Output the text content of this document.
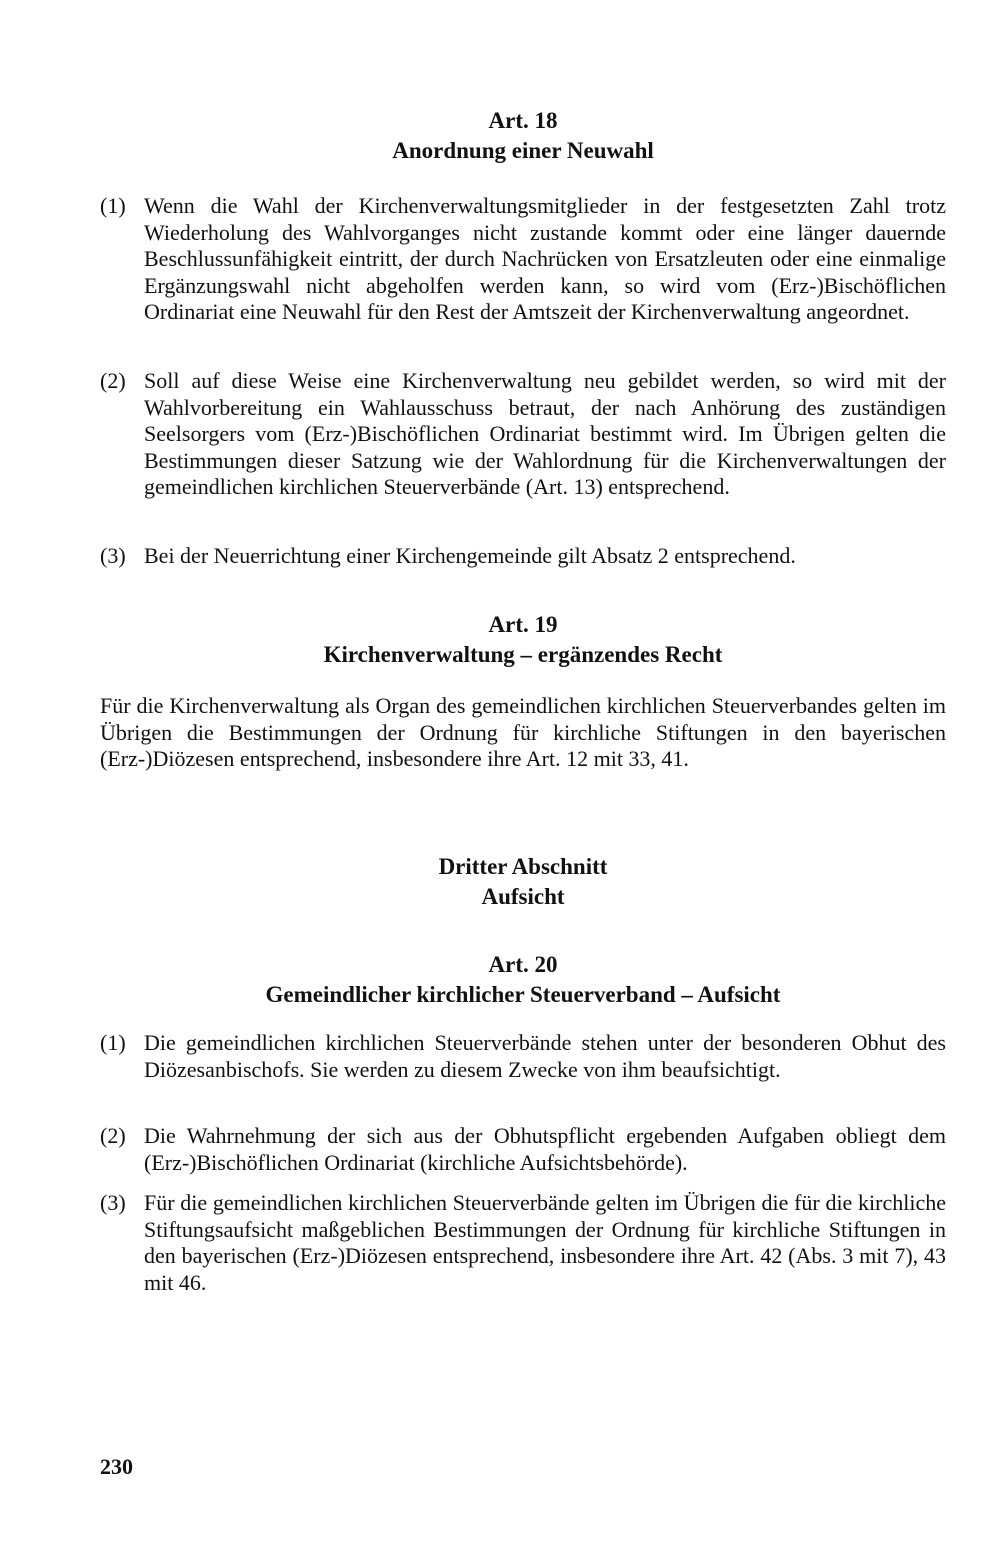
Art. 18

Anordnung einer Neuwahl

(1) Wenn die Wahl der Kirchenverwaltungsmitglieder in der festgesetzten Zahl trotz Wiederholung des Wahlvorganges nicht zustande kommt oder eine länger dauernde Beschlussunfähigkeit eintritt, der durch Nachrücken von Ersatzleuten oder eine einmalige Ergänzungswahl nicht abgeholfen werden kann, so wird vom (Erz-)Bischöflichen Ordinariat eine Neuwahl für den Rest der Amtszeit der Kirchenverwaltung angeordnet.

(2) Soll auf diese Weise eine Kirchenverwaltung neu gebildet werden, so wird mit der Wahlvorbereitung ein Wahlausschuss betraut, der nach Anhörung des zuständigen Seelsorgers vom (Erz-)Bischöflichen Ordinariat bestimmt wird. Im Übrigen gelten die Bestimmungen dieser Satzung wie der Wahlordnung für die Kirchenverwaltungen der gemeindlichen kirchlichen Steuerverbände (Art. 13) entsprechend.

(3) Bei der Neuerrichtung einer Kirchengemeinde gilt Absatz 2 entsprechend.

Art. 19

Kirchenverwaltung – ergänzendes Recht

Für die Kirchenverwaltung als Organ des gemeindlichen kirchlichen Steuerverbandes gelten im Übrigen die Bestimmungen der Ordnung für kirchliche Stiftungen in den bayerischen (Erz-)Diözesen entsprechend, insbesondere ihre Art. 12 mit 33, 41.

Dritter Abschnitt

Aufsicht

Art. 20

Gemeindlicher kirchlicher Steuerverband – Aufsicht

(1) Die gemeindlichen kirchlichen Steuerverbände stehen unter der besonderen Obhut des Diözesanbischofs. Sie werden zu diesem Zwecke von ihm beaufsichtigt.

(2) Die Wahrnehmung der sich aus der Obhutspflicht ergebenden Aufgaben obliegt dem (Erz-)Bischöflichen Ordinariat (kirchliche Aufsichtsbehörde).

(3) Für die gemeindlichen kirchlichen Steuerverbände gelten im Übrigen die für die kirchliche Stiftungsaufsicht maßgeblichen Bestimmungen der Ordnung für kirchliche Stiftungen in den bayerischen (Erz-)Diözesen entsprechend, insbesondere ihre Art. 42 (Abs. 3 mit 7), 43 mit 46.

230
